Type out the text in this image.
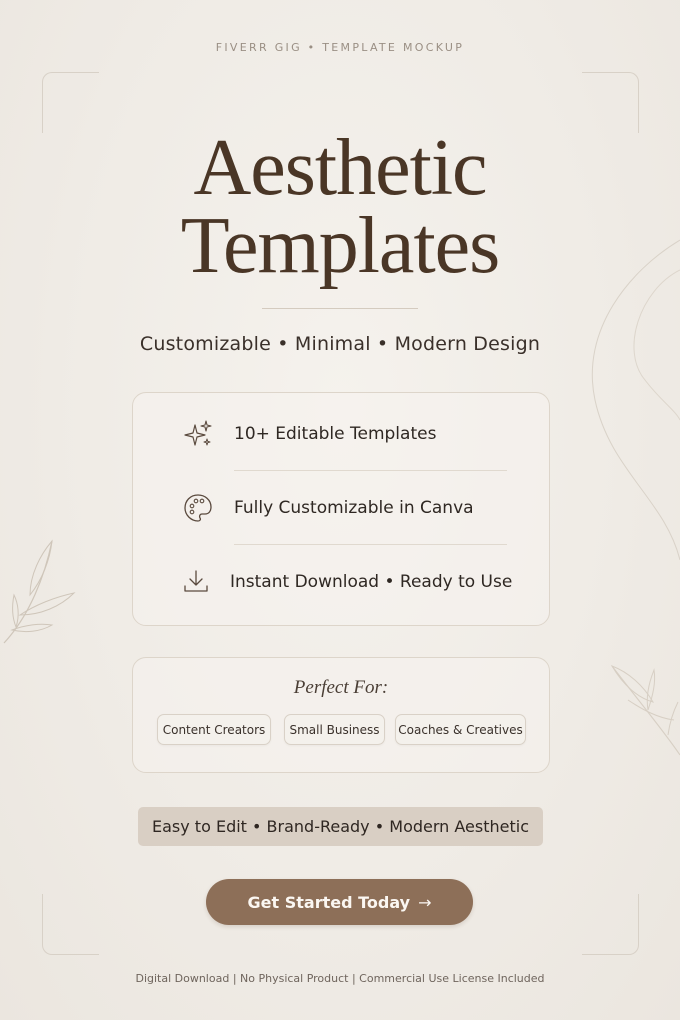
FIVERR GIG • TEMPLATE MOCKUP
Aesthetic
Templates
Customizable • Minimal • Modern Design
10+ Editable Templates
Fully Customizable in Canva
Instant Download • Ready to Use
Perfect For:
Content Creators	Small Business	Coaches & Creatives
Easy to Edit • Brand-Ready • Modern Aesthetic
Get Started Today →
Digital Download | No Physical Product | Commercial Use License Included
